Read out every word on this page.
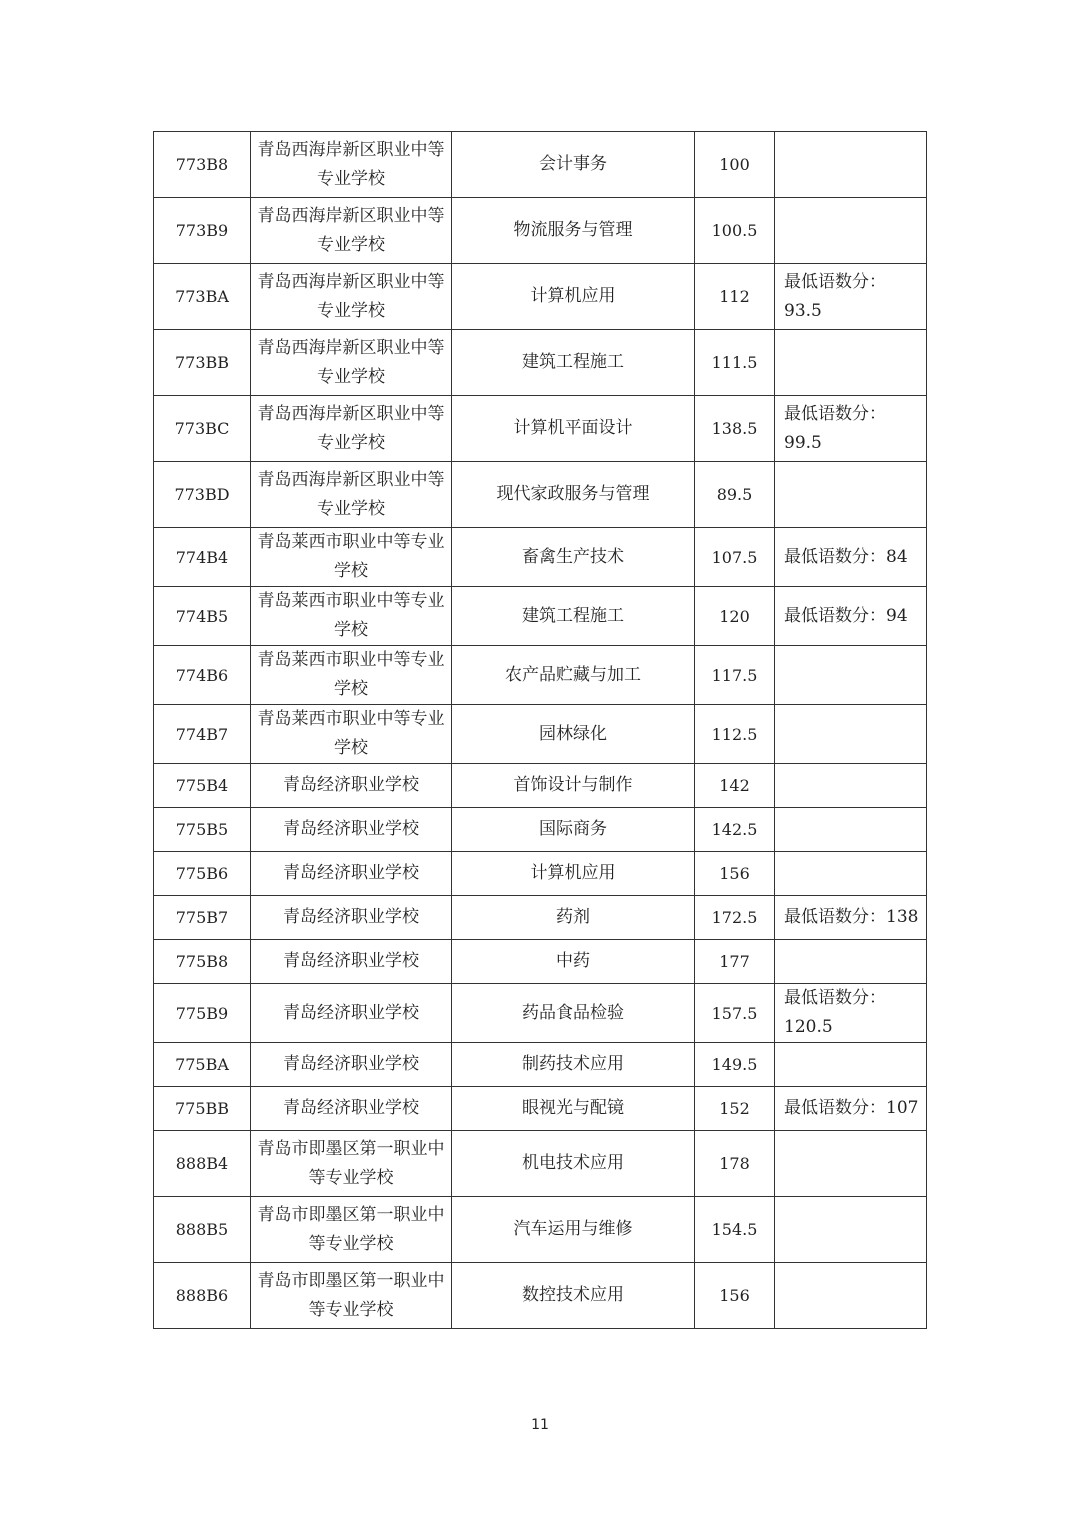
773B8	青岛西海岸新区职业中等专业学校	会计事务	100	
773B9	青岛西海岸新区职业中等专业学校	物流服务与管理	100.5	
773BA	青岛西海岸新区职业中等专业学校	计算机应用	112	最低语数分：93.5
773BB	青岛西海岸新区职业中等专业学校	建筑工程施工	111.5	
773BC	青岛西海岸新区职业中等专业学校	计算机平面设计	138.5	最低语数分：99.5
773BD	青岛西海岸新区职业中等专业学校	现代家政服务与管理	89.5	
774B4	青岛莱西市职业中等专业学校	畜禽生产技术	107.5	最低语数分：84
774B5	青岛莱西市职业中等专业学校	建筑工程施工	120	最低语数分：94
774B6	青岛莱西市职业中等专业学校	农产品贮藏与加工	117.5	
774B7	青岛莱西市职业中等专业学校	园林绿化	112.5	
775B4	青岛经济职业学校	首饰设计与制作	142	
775B5	青岛经济职业学校	国际商务	142.5	
775B6	青岛经济职业学校	计算机应用	156	
775B7	青岛经济职业学校	药剂	172.5	最低语数分：138
775B8	青岛经济职业学校	中药	177	
775B9	青岛经济职业学校	药品食品检验	157.5	最低语数分：120.5
775BA	青岛经济职业学校	制药技术应用	149.5	
775BB	青岛经济职业学校	眼视光与配镜	152	最低语数分：107
888B4	青岛市即墨区第一职业中等专业学校	机电技术应用	178	
888B5	青岛市即墨区第一职业中等专业学校	汽车运用与维修	154.5	
888B6	青岛市即墨区第一职业中等专业学校	数控技术应用	156	
11
